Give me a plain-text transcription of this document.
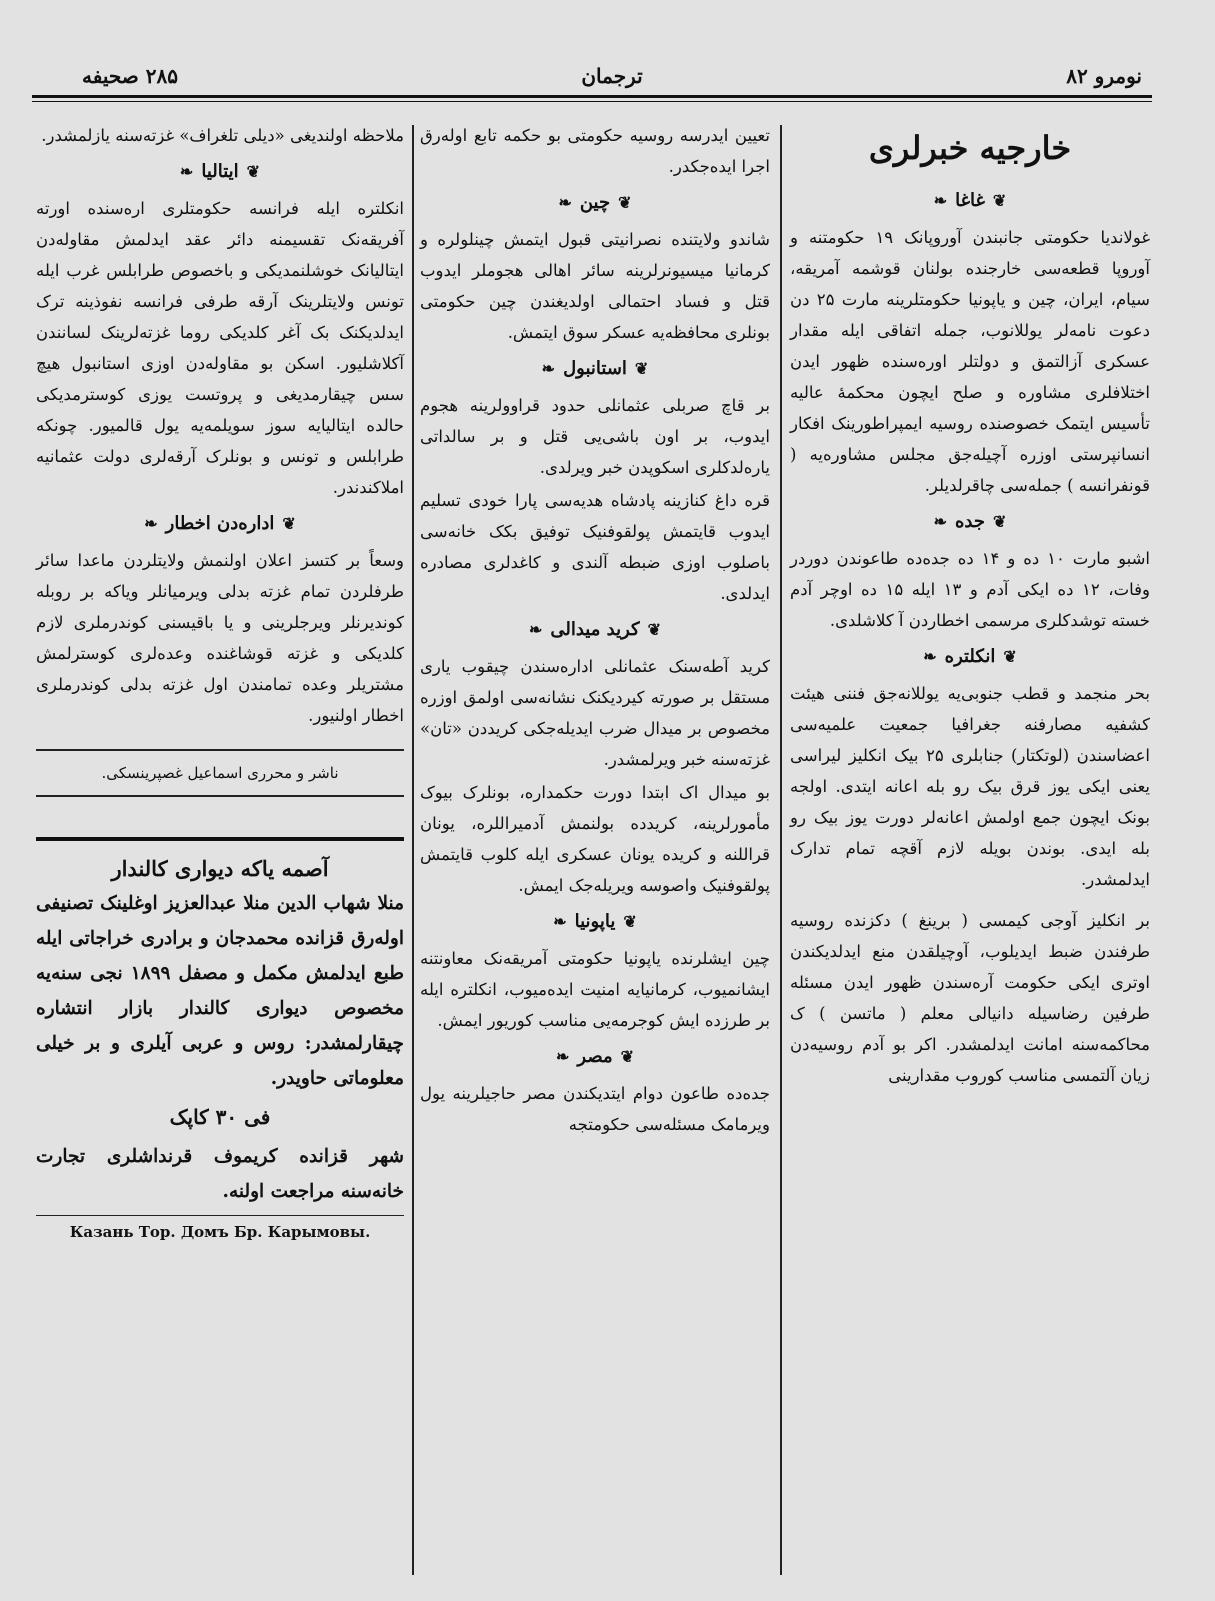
۲۸۵ صحیفه	ترجمان	نومرو ۸۲
خارجیه خبرلری
❦غاغا❧

غولاندیا حکومتی جانبندن آوروپانک ۱۹ حکومتنه و آوروپا قطعه‌سی خارجنده بولنان قوشمه آمریقه، سیام، ایران، چین و یاپونیا حکومتلرینه مارت ۲۵ دن دعوت نامه‌لر یوللانوب، جمله اتفاقی ایله مقدار عسکری آزالتمق و دولتلر اوره‌سنده ظهور ایدن اختلافلری مشاوره و صلح ایچون محکمهٔ عالیه تأسیس ایتمک خصوصنده روسیه ایمپراطورینک افکار انسانپرستی اوزره آچیله‌جق مجلس مشاوره‌یه ( قونفرانسه ) جمله‌سی چاقرلدیلر.

❦جده❧

اشبو مارت ۱۰ ده و ۱۴ ده جده‌ده طاعوندن دوردر وفات، ۱۲ ده ایکی آدم و ۱۳ ایله ۱۵ ده اوچر آدم خسته توشدکلری مرسمی اخطاردن آ کلاشلدی.

❦انکلتره❧

بحر منجمد و قطب جنوبی‌یه یوللانه‌جق فننی هیئت کشفیه مصارفنه جغرافیا جمعیت علمیه‌سی اعضاسندن (لوتکتار) جنابلری ۲۵ بیک انکلیز لیراسی یعنی ایکی یوز قرق بیک رو بله اعانه ایتدی. اولجه بونک ایچون جمع اولمش اعانه‌لر دورت یوز بیک رو بله ایدی. بوندن بویله لازم آقچه تمام تدارک ایدلمشدر.

بر انکلیز آوجی کیمسی ( برینغ ) دکزنده روسیه طرفندن ضبط ایدیلوب، آوچیلقدن منع ایدلدیکندن اوتری ایکی حکومت آره‌سندن ظهور ایدن مسئله طرفین رضاسیله دانیالی معلم ( ماتسن ) ک محاکمه‌سنه امانت ایدلمشدر. اکر بو آدم روسیه‌دن زیان آلتمسی مناسب کوروب مقدارینی

تعیین ایدرسه روسیه حکومتی بو حکمه تابع اوله‌رق اجرا ایده‌جکدر.

❦چین❧

شاندو ولایتنده نصرانیتی قبول ایتمش چینلولره و کرمانیا میسیونرلرینه سائر اهالی هجوملر ایدوب قتل و فساد احتمالی اولدیغندن چین حکومتی بونلری محافظه‌یه عسکر سوق ایتمش.

❦استانبول❧

بر قاچ صربلی عثمانلی حدود قراوولرینه هجوم ایدوب، بر اون باشی‌یی قتل و بر سالداتی یاره‌لدکلری اسکوپدن خبر ویرلدی.

قره داغ کنازینه پادشاه هدیه‌سی پارا خودی تسلیم ایدوب قایتمش پولقوفنیک توفیق بکک خانه‌سی باصلوب اوزی ضبطه آلندی و کاغدلری مصادره ایدلدی.

❦کرید میدالی❧

کرید آطه‌سنک عثمانلی اداره‌سندن چیقوب یاری مستقل بر صورته کیردیکنک نشانه‌سی اولمق اوزره مخصوص بر میدال ضرب ایدیله‌جکی کریددن «تان» غزته‌سنه خبر ویرلمشدر.

بو میدال اک ابتدا دورت حکمداره، بونلرک بیوک مأمورلرینه، کریدده بولنمش آدمیراللره، یونان قراللنه و کریده یونان عسکری ایله کلوب قایتمش پولقوفنیک واصوسه ویریله‌جک ایمش.

❦یاپونیا❧

چین ایشلرنده یاپونیا حکومتی آمریقه‌نک معاونتنه ایشانمیوب، کرمانیایه امنیت ایده‌میوب، انکلتره ایله بر طرزده ایش کوجرمه‌یی مناسب کوریور ایمش.

❦مصر❧

جده‌ده طاعون دوام ایتدیکندن مصر حاجیلرینه یول ویرمامک مسئله‌سی حکومتجه

ملاحظه اولندیغی «دیلی تلغراف» غزته‌سنه یازلمشدر.

❦ایتالیا❧

انکلتره ایله فرانسه حکومتلری اره‌سنده اورته آفریقه‌نک تقسیمنه دائر عقد ایدلمش مقاوله‌دن ایتالیانک خوشلنمدیکی و باخصوص طرابلس غرب ایله تونس ولایتلرینک آرقه طرفی فرانسه نفوذینه ترک ایدلدیکنک بک آغر کلدیکی روما غزته‌لرینک لسانندن آکلاشلیور. اسکن بو مقاوله‌دن اوزی استانبول هیچ سس چیقارمدیغی و پروتست یوزی کوسترمدیکی حالده ایتالیایه سوز سویلمه‌یه یول قالمیور. چونکه طرابلس و تونس و بونلرک آرقه‌لری دولت عثمانیه املاکندندر.

❦اداره‌دن اخطار❧

وسعاً بر کتسز اعلان اولنمش ولایتلردن ماعدا سائر طرفلردن تمام غزته بدلی ویرمیانلر ویاکه بر روبله کوندیرنلر ویرجلرینی و یا باقیسنی کوندرملری لازم کلدیکی و غزته قوشاغنده وعده‌لری کوسترلمش مشتریلر وعده تمامندن اول غزته بدلی کوندرملری اخطار اولنیور.

ناشر و محرری اسماعیل غصپرینسکی.
آصمه یاکه دیواری کالندار

منلا شهاب الدین منلا عبدالعزیز اوغلینک تصنیفی اوله‌رق قزانده محمدجان و برادری خراجاتی ایله طبع ایدلمش مکمل و مصفل ۱۸۹۹ نجی سنه‌یه مخصوص دیواری کالندار بازار انتشاره چیقارلمشدر: روس و عربی آیلری و بر خیلی معلوماتی حاویدر.

فی ۳۰ کاپک

شهر قزانده کریموف قرنداشلری تجارت خانه‌سنه مراجعت اولنه.

Казань Тор. Домъ Бр. Карымовы.
